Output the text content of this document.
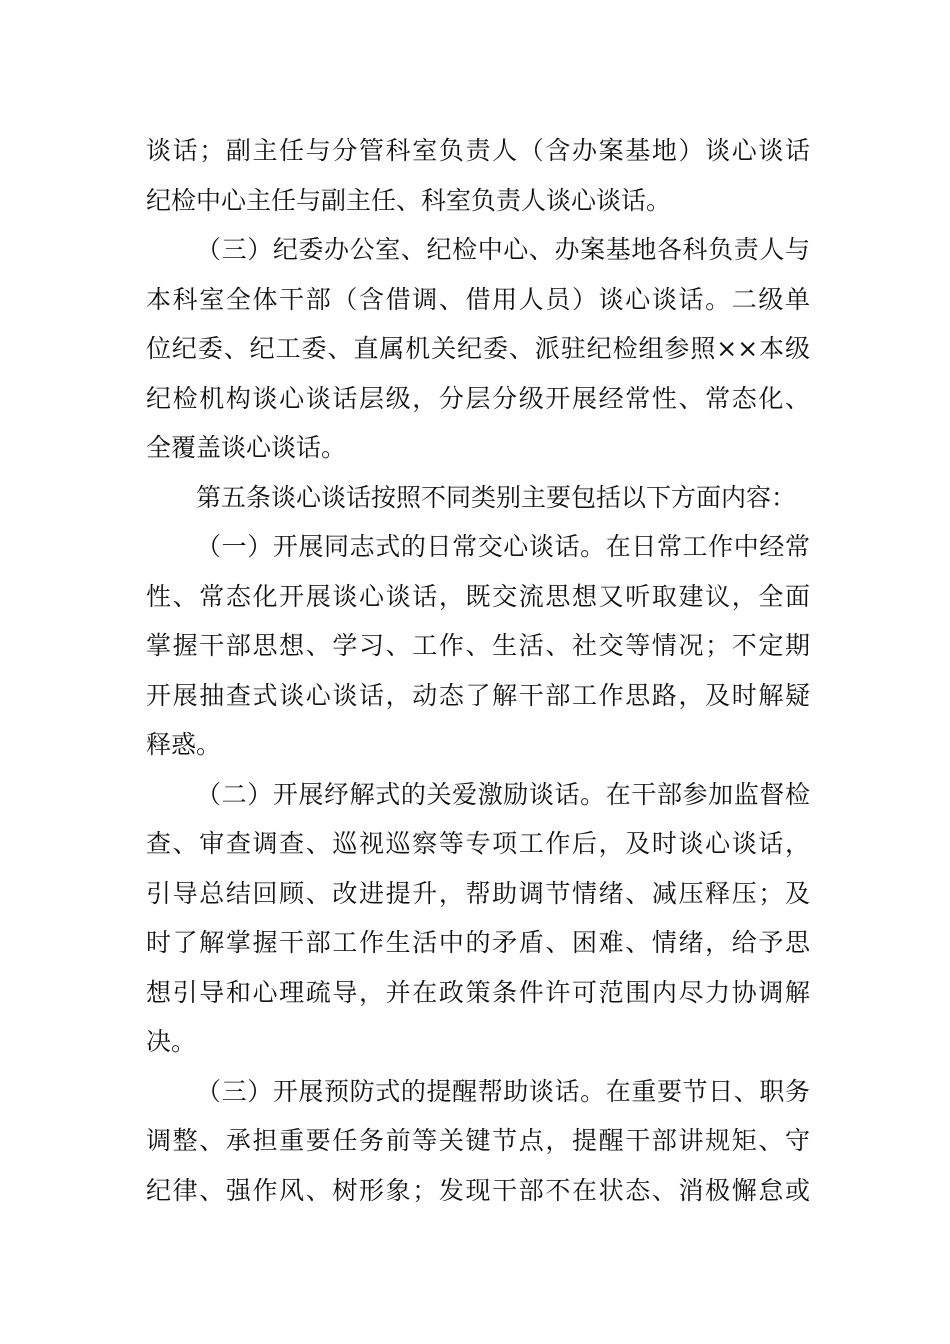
谈话；副主任与分管科室负责人（含办案基地）谈心谈话
纪检中心主任与副主任、科室负责人谈心谈话。
（三）纪委办公室、纪检中心、办案基地各科负责人与
本科室全体干部（含借调、借用人员）谈心谈话。二级单
位纪委、纪工委、直属机关纪委、派驻纪检组参照××本级
纪检机构谈心谈话层级，分层分级开展经常性、常态化、
全覆盖谈心谈话。
第五条谈心谈话按照不同类别主要包括以下方面内容：
（一）开展同志式的日常交心谈话。在日常工作中经常
性、常态化开展谈心谈话，既交流思想又听取建议，全面
掌握干部思想、学习、工作、生活、社交等情况；不定期
开展抽查式谈心谈话，动态了解干部工作思路，及时解疑
释惑。
（二）开展纾解式的关爱激励谈话。在干部参加监督检
查、审查调查、巡视巡察等专项工作后，及时谈心谈话，
引导总结回顾、改进提升，帮助调节情绪、减压释压；及
时了解掌握干部工作生活中的矛盾、困难、情绪，给予思
想引导和心理疏导，并在政策条件许可范围内尽力协调解
决。
（三）开展预防式的提醒帮助谈话。在重要节日、职务
调整、承担重要任务前等关键节点，提醒干部讲规矩、守
纪律、强作风、树形象；发现干部不在状态、消极懈怠或
